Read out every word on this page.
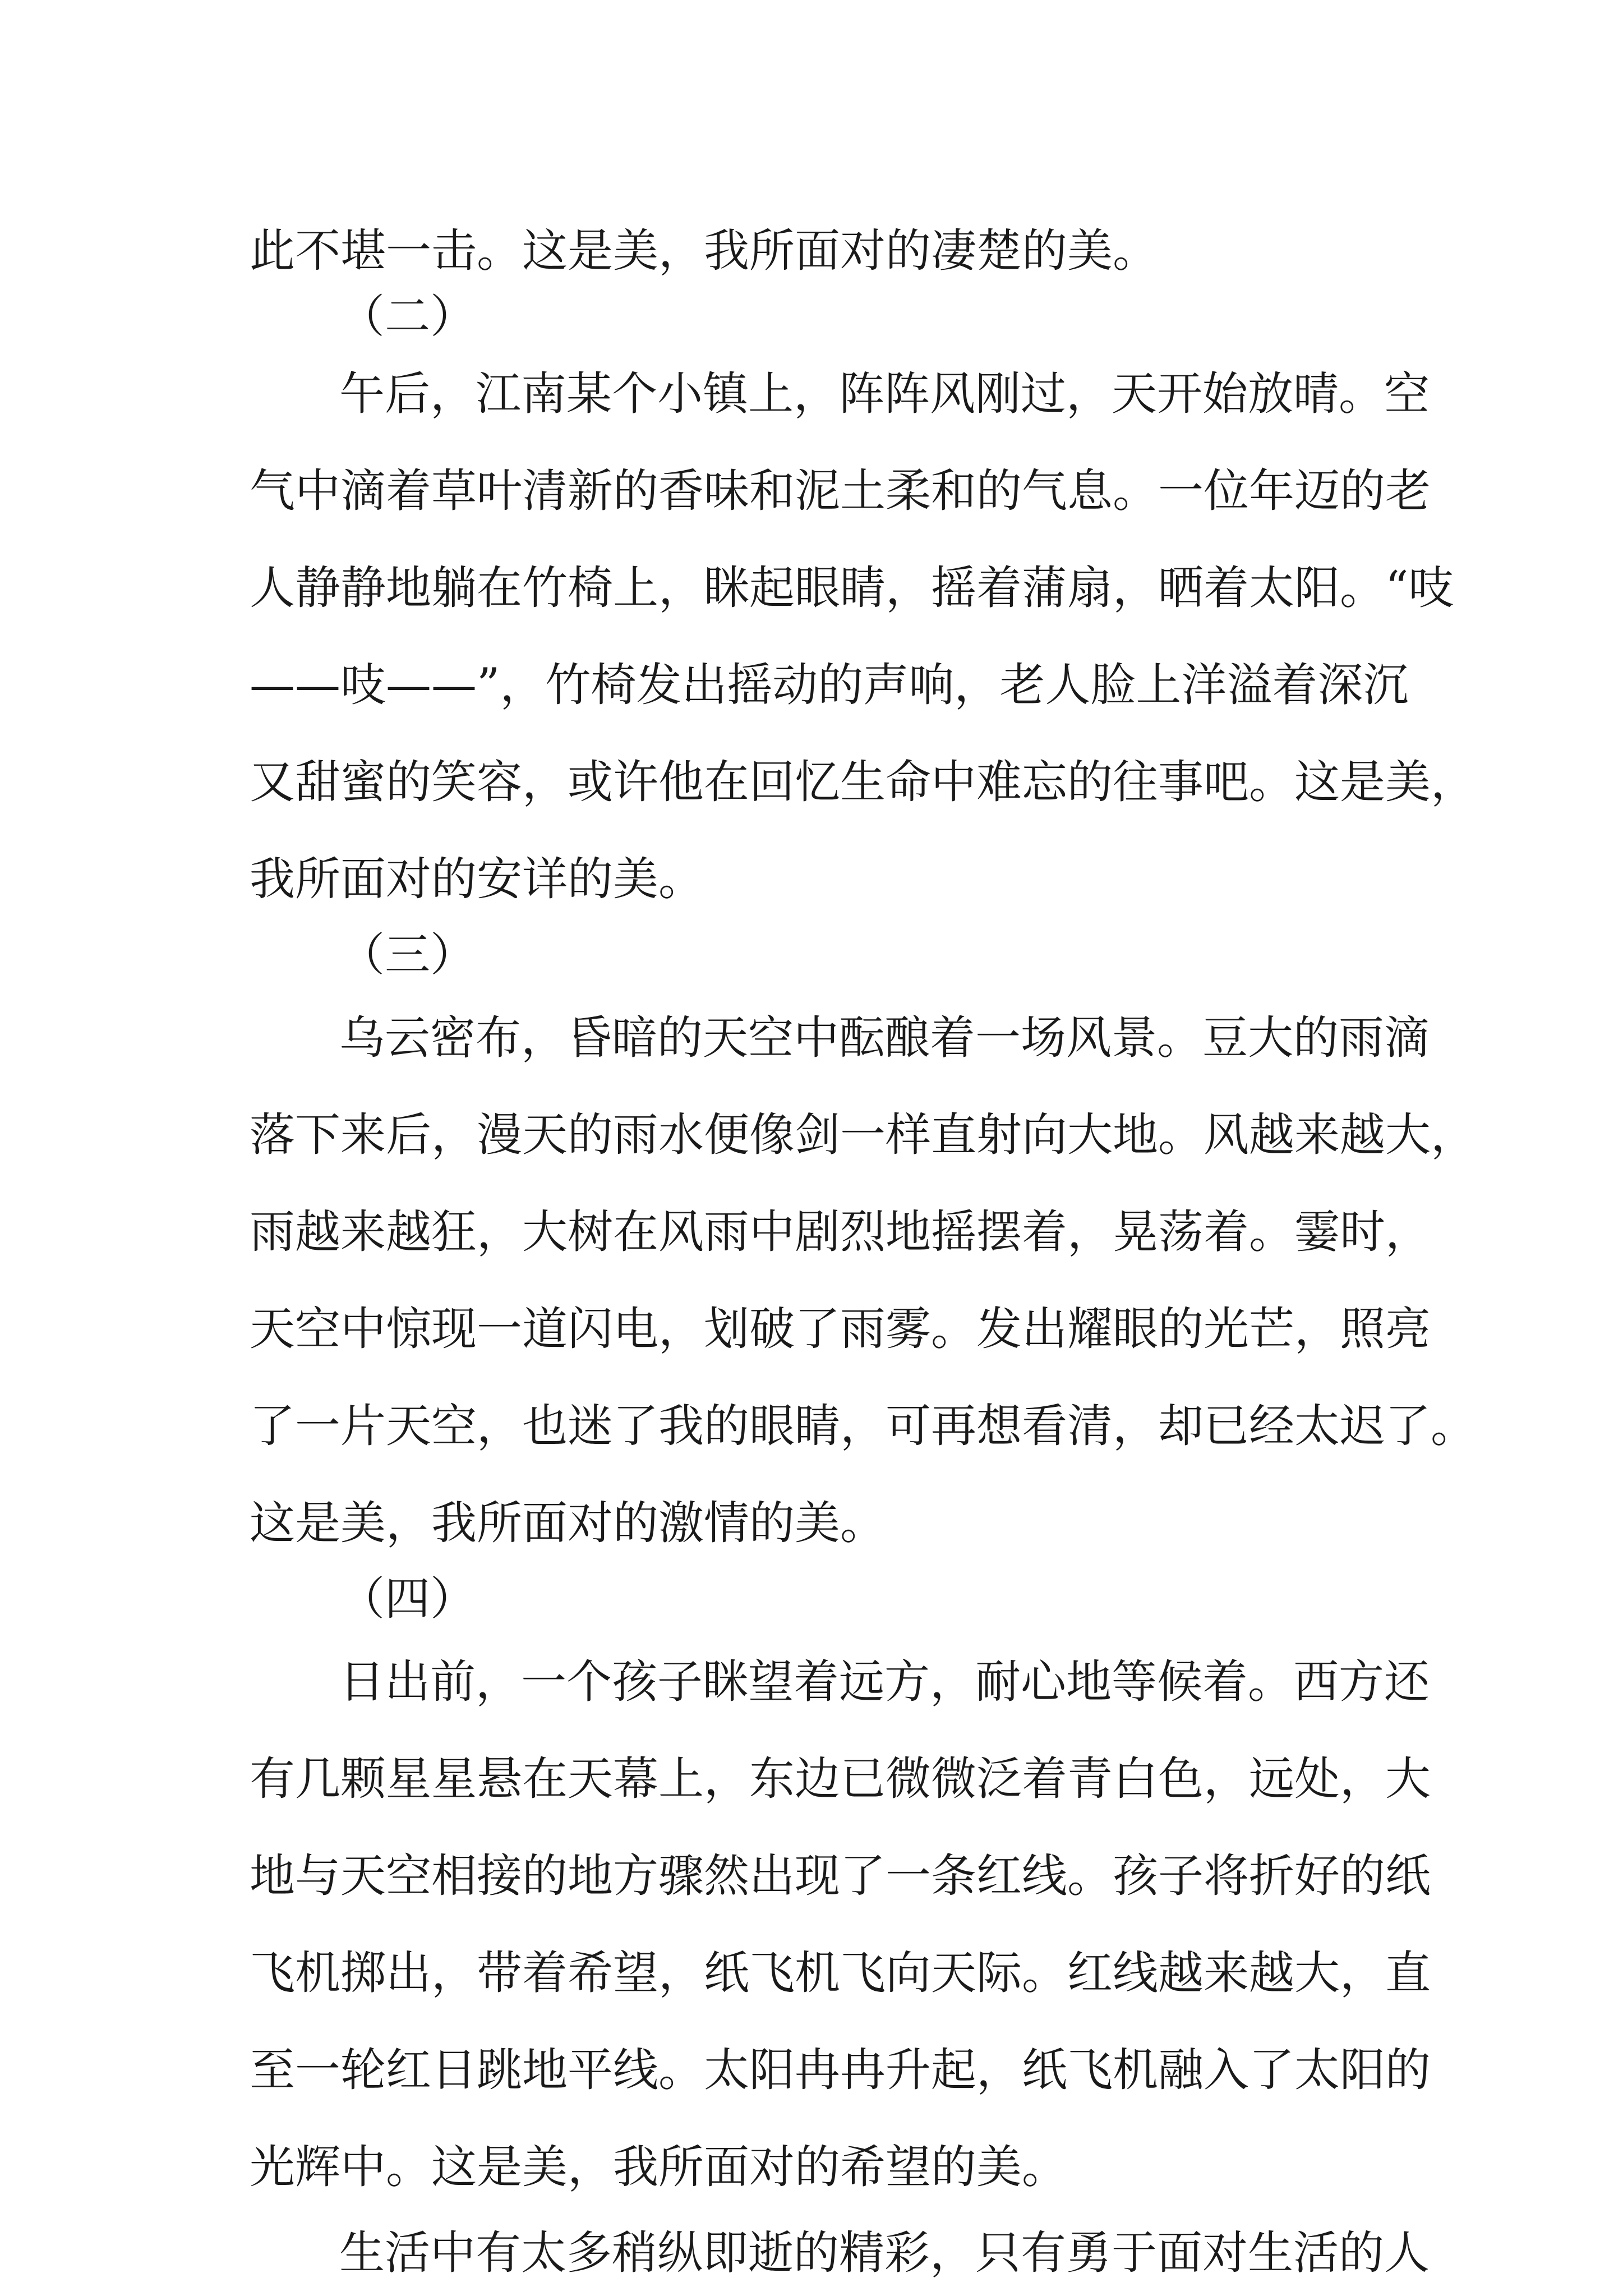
此不堪一击。这是美，我所面对的凄楚的美。
（二）
午后，江南某个小镇上，阵阵风刚过，天开始放晴。空
气中滴着草叶清新的香味和泥土柔和的气息。一位年迈的老
人静静地躺在竹椅上，眯起眼睛，摇着蒲扇，晒着太阳。“吱
——吱——”，竹椅发出摇动的声响，老人脸上洋溢着深沉
又甜蜜的笑容，或许他在回忆生命中难忘的往事吧。这是美，
我所面对的安详的美。
（三）
乌云密布，昏暗的天空中酝酿着一场风景。豆大的雨滴
落下来后，漫天的雨水便像剑一样直射向大地。风越来越大，
雨越来越狂，大树在风雨中剧烈地摇摆着，晃荡着。霎时，
天空中惊现一道闪电，划破了雨雾。发出耀眼的光芒，照亮
了一片天空，也迷了我的眼睛，可再想看清，却已经太迟了。
这是美，我所面对的激情的美。
（四）
日出前，一个孩子眯望着远方，耐心地等候着。西方还
有几颗星星悬在天幕上，东边已微微泛着青白色，远处，大
地与天空相接的地方骤然出现了一条红线。孩子将折好的纸
飞机掷出，带着希望，纸飞机飞向天际。红线越来越大，直
至一轮红日跳地平线。太阳冉冉升起，纸飞机融入了太阳的
光辉中。这是美，我所面对的希望的美。
生活中有太多稍纵即逝的精彩，只有勇于面对生活的人
